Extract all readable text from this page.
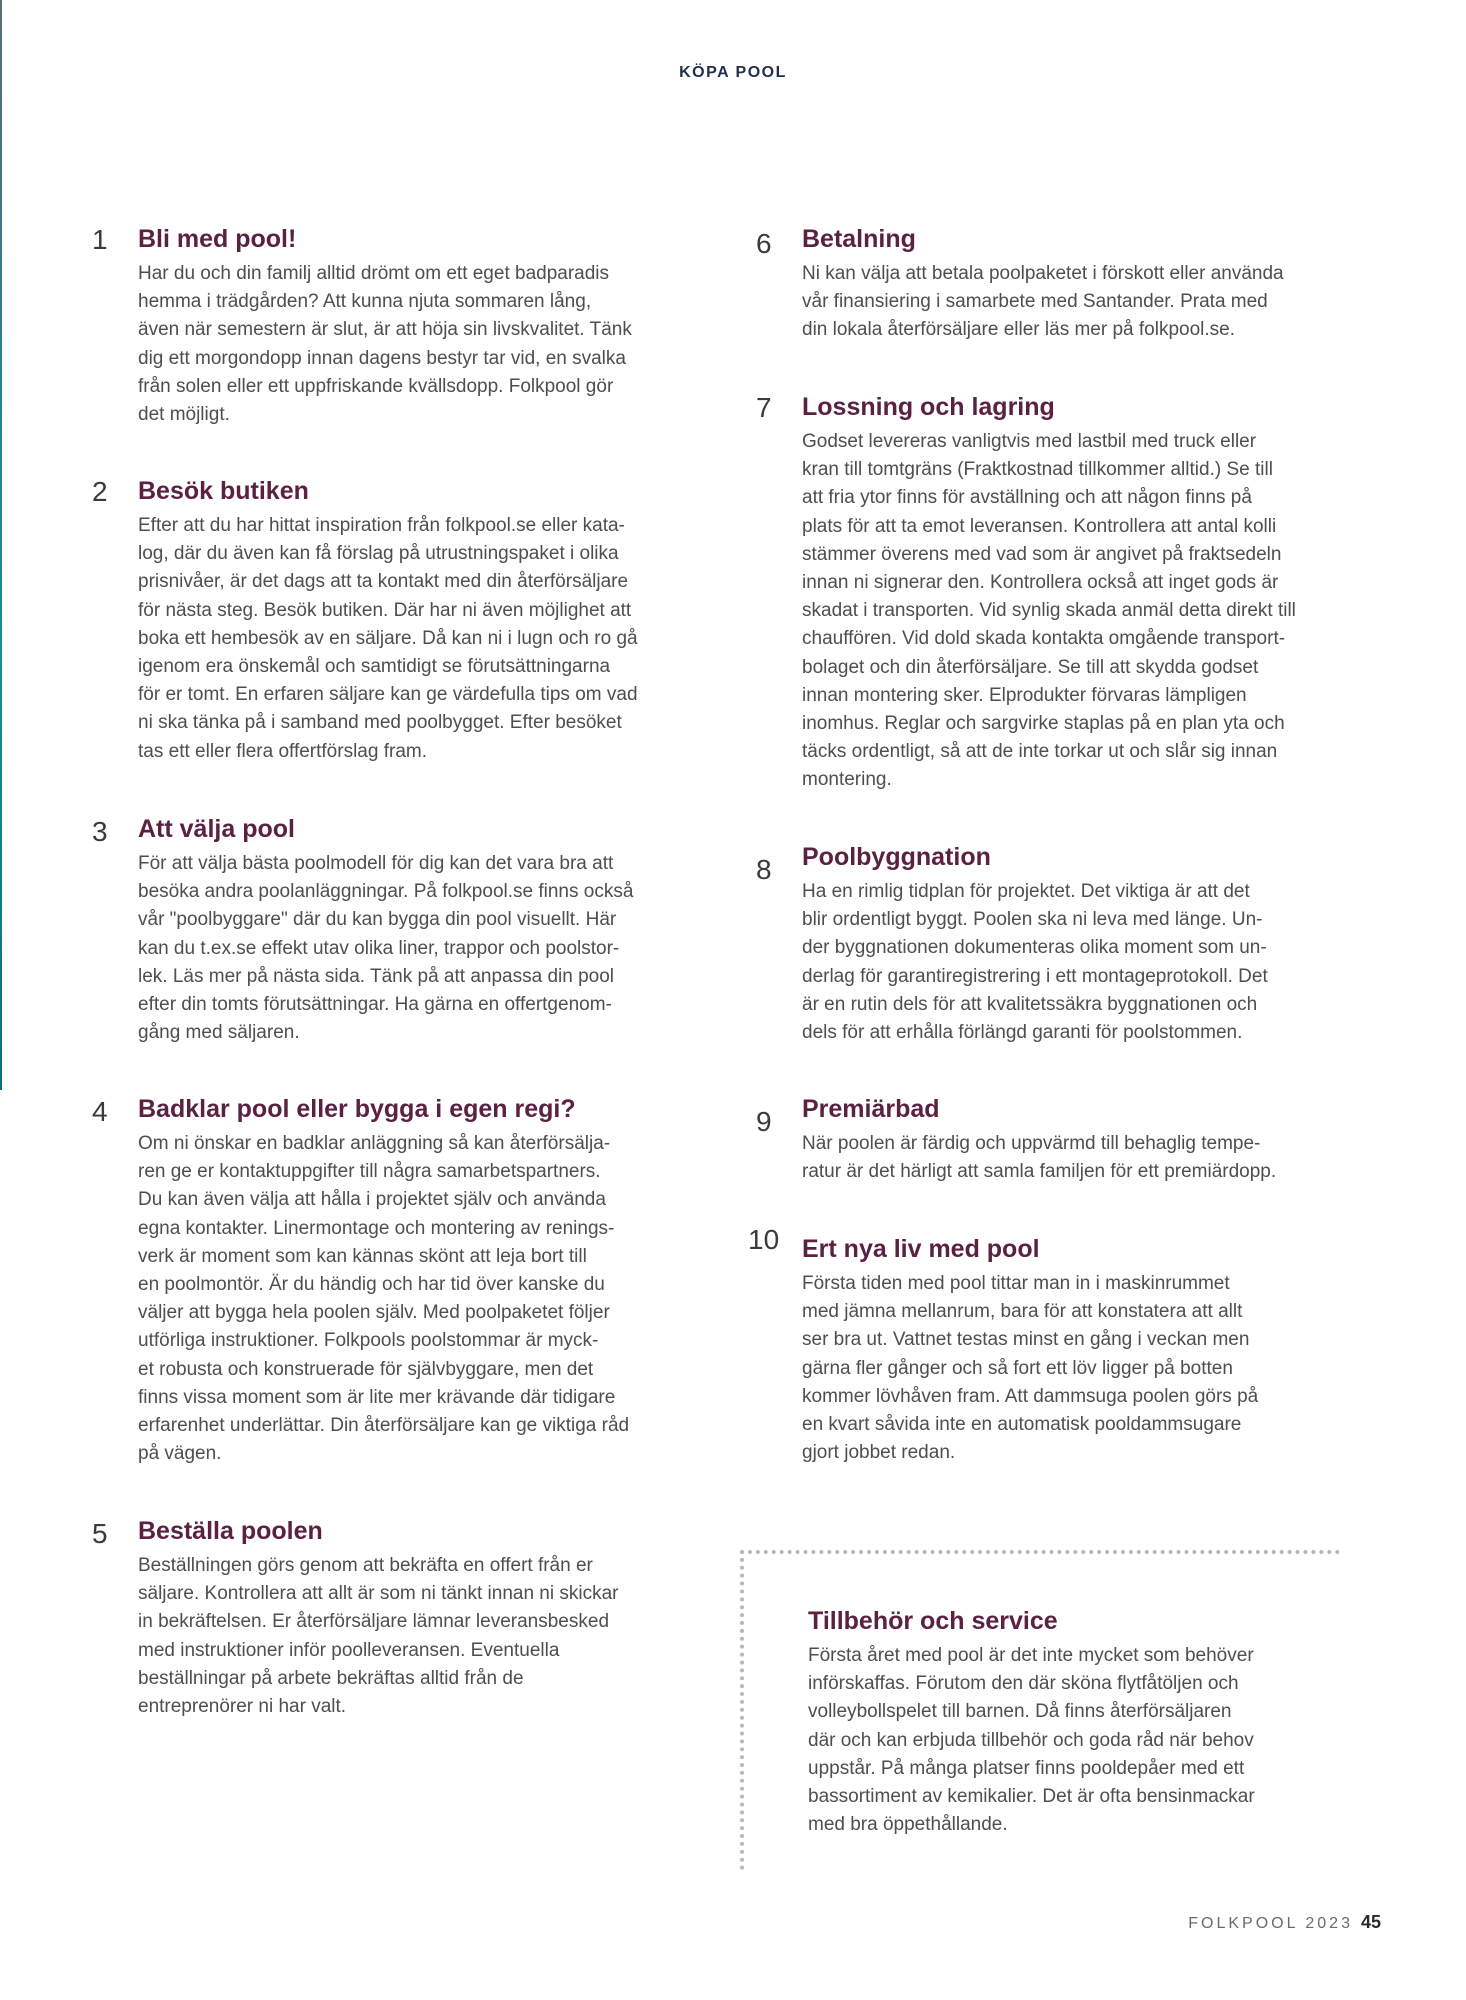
KÖPA POOL
1 Bli med pool!

Har du och din familj alltid drömt om ett eget badparadis
hemma i trädgården? Att kunna njuta sommaren lång,
även när semestern är slut, är att höja sin livskvalitet. Tänk
dig ett morgondopp innan dagens bestyr tar vid, en svalka
från solen eller ett uppfriskande kvällsdopp. Folkpool gör
det möjligt.

2 Besök butiken

Efter att du har hittat inspiration från folkpool.se eller kata-
log, där du även kan få förslag på utrustningspaket i olika
prisnivåer, är det dags att ta kontakt med din återförsäljare
för nästa steg. Besök butiken. Där har ni även möjlighet att
boka ett hembesök av en säljare. Då kan ni i lugn och ro gå
igenom era önskemål och samtidigt se förutsättningarna
för er tomt. En erfaren säljare kan ge värdefulla tips om vad
ni ska tänka på i samband med poolbygget. Efter besöket
tas ett eller flera offertförslag fram.

3 Att välja pool

För att välja bästa poolmodell för dig kan det vara bra att
besöka andra poolanläggningar. På folkpool.se finns också
vår "poolbyggare" där du kan bygga din pool visuellt. Här
kan du t.ex.se effekt utav olika liner, trappor och poolstor-
lek. Läs mer på nästa sida. Tänk på att anpassa din pool
efter din tomts förutsättningar. Ha gärna en offertgenom-
gång med säljaren.

4 Badklar pool eller bygga i egen regi?

Om ni önskar en badklar anläggning så kan återförsälja-
ren ge er kontaktuppgifter till några samarbetspartners.
Du kan även välja att hålla i projektet själv och använda
egna kontakter. Linermontage och montering av renings-
verk är moment som kan kännas skönt att leja bort till
en poolmontör. Är du händig och har tid över kanske du
väljer att bygga hela poolen själv. Med poolpaketet följer
utförliga instruktioner. Folkpools poolstommar är myck-
et robusta och konstruerade för självbyggare, men det
finns vissa moment som är lite mer krävande där tidigare
erfarenhet underlättar. Din återförsäljare kan ge viktiga råd
på vägen.

5 Beställa poolen

Beställningen görs genom att bekräfta en offert från er
säljare. Kontrollera att allt är som ni tänkt innan ni skickar
in bekräftelsen. Er återförsäljare lämnar leveransbesked
med instruktioner inför poolleveransen. Eventuella
beställningar på arbete bekräftas alltid från de
entreprenörer ni har valt.

6 Betalning

Ni kan välja att betala poolpaketet i förskott eller använda
vår finansiering i samarbete med Santander. Prata med
din lokala återförsäljare eller läs mer på folkpool.se.

7 Lossning och lagring

Godset levereras vanligtvis med lastbil med truck eller
kran till tomtgräns (Fraktkostnad tillkommer alltid.) Se till
att fria ytor finns för avställning och att någon finns på
plats för att ta emot leveransen. Kontrollera att antal kolli
stämmer överens med vad som är angivet på fraktsedeln
innan ni signerar den. Kontrollera också att inget gods är
skadat i transporten. Vid synlig skada anmäl detta direkt till
chauffören. Vid dold skada kontakta omgående transport-
bolaget och din återförsäljare. Se till att skydda godset
innan montering sker. Elprodukter förvaras lämpligen
inomhus. Reglar och sargvirke staplas på en plan yta och
täcks ordentligt, så att de inte torkar ut och slår sig innan
montering.

8 Poolbyggnation

Ha en rimlig tidplan för projektet. Det viktiga är att det
blir ordentligt byggt. Poolen ska ni leva med länge. Un-
der byggnationen dokumenteras olika moment som un-
derlag för garantiregistrering i ett montageprotokoll. Det
är en rutin dels för att kvalitetssäkra byggnationen och
dels för att erhålla förlängd garanti för poolstommen.

9 Premiärbad

När poolen är färdig och uppvärmd till behaglig tempe-
ratur är det härligt att samla familjen för ett premiärdopp.

10 Ert nya liv med pool

Första tiden med pool tittar man in i maskinrummet
med jämna mellanrum, bara för att konstatera att allt
ser bra ut. Vattnet testas minst en gång i veckan men
gärna fler gånger och så fort ett löv ligger på botten
kommer lövhåven fram. Att dammsuga poolen görs på
en kvart såvida inte en automatisk pooldammsugare
gjort jobbet redan.

Tillbehör och service

Första året med pool är det inte mycket som behöver
införskaffas. Förutom den där sköna flytfåtöljen och
volleybollspelet till barnen. Då finns återförsäljaren
där och kan erbjuda tillbehör och goda råd när behov
uppstår. På många platser finns pooldepåer med ett
bassortiment av kemikalier. Det är ofta bensinmackar
med bra öppethållande.

FOLKPOOL 2023 45
